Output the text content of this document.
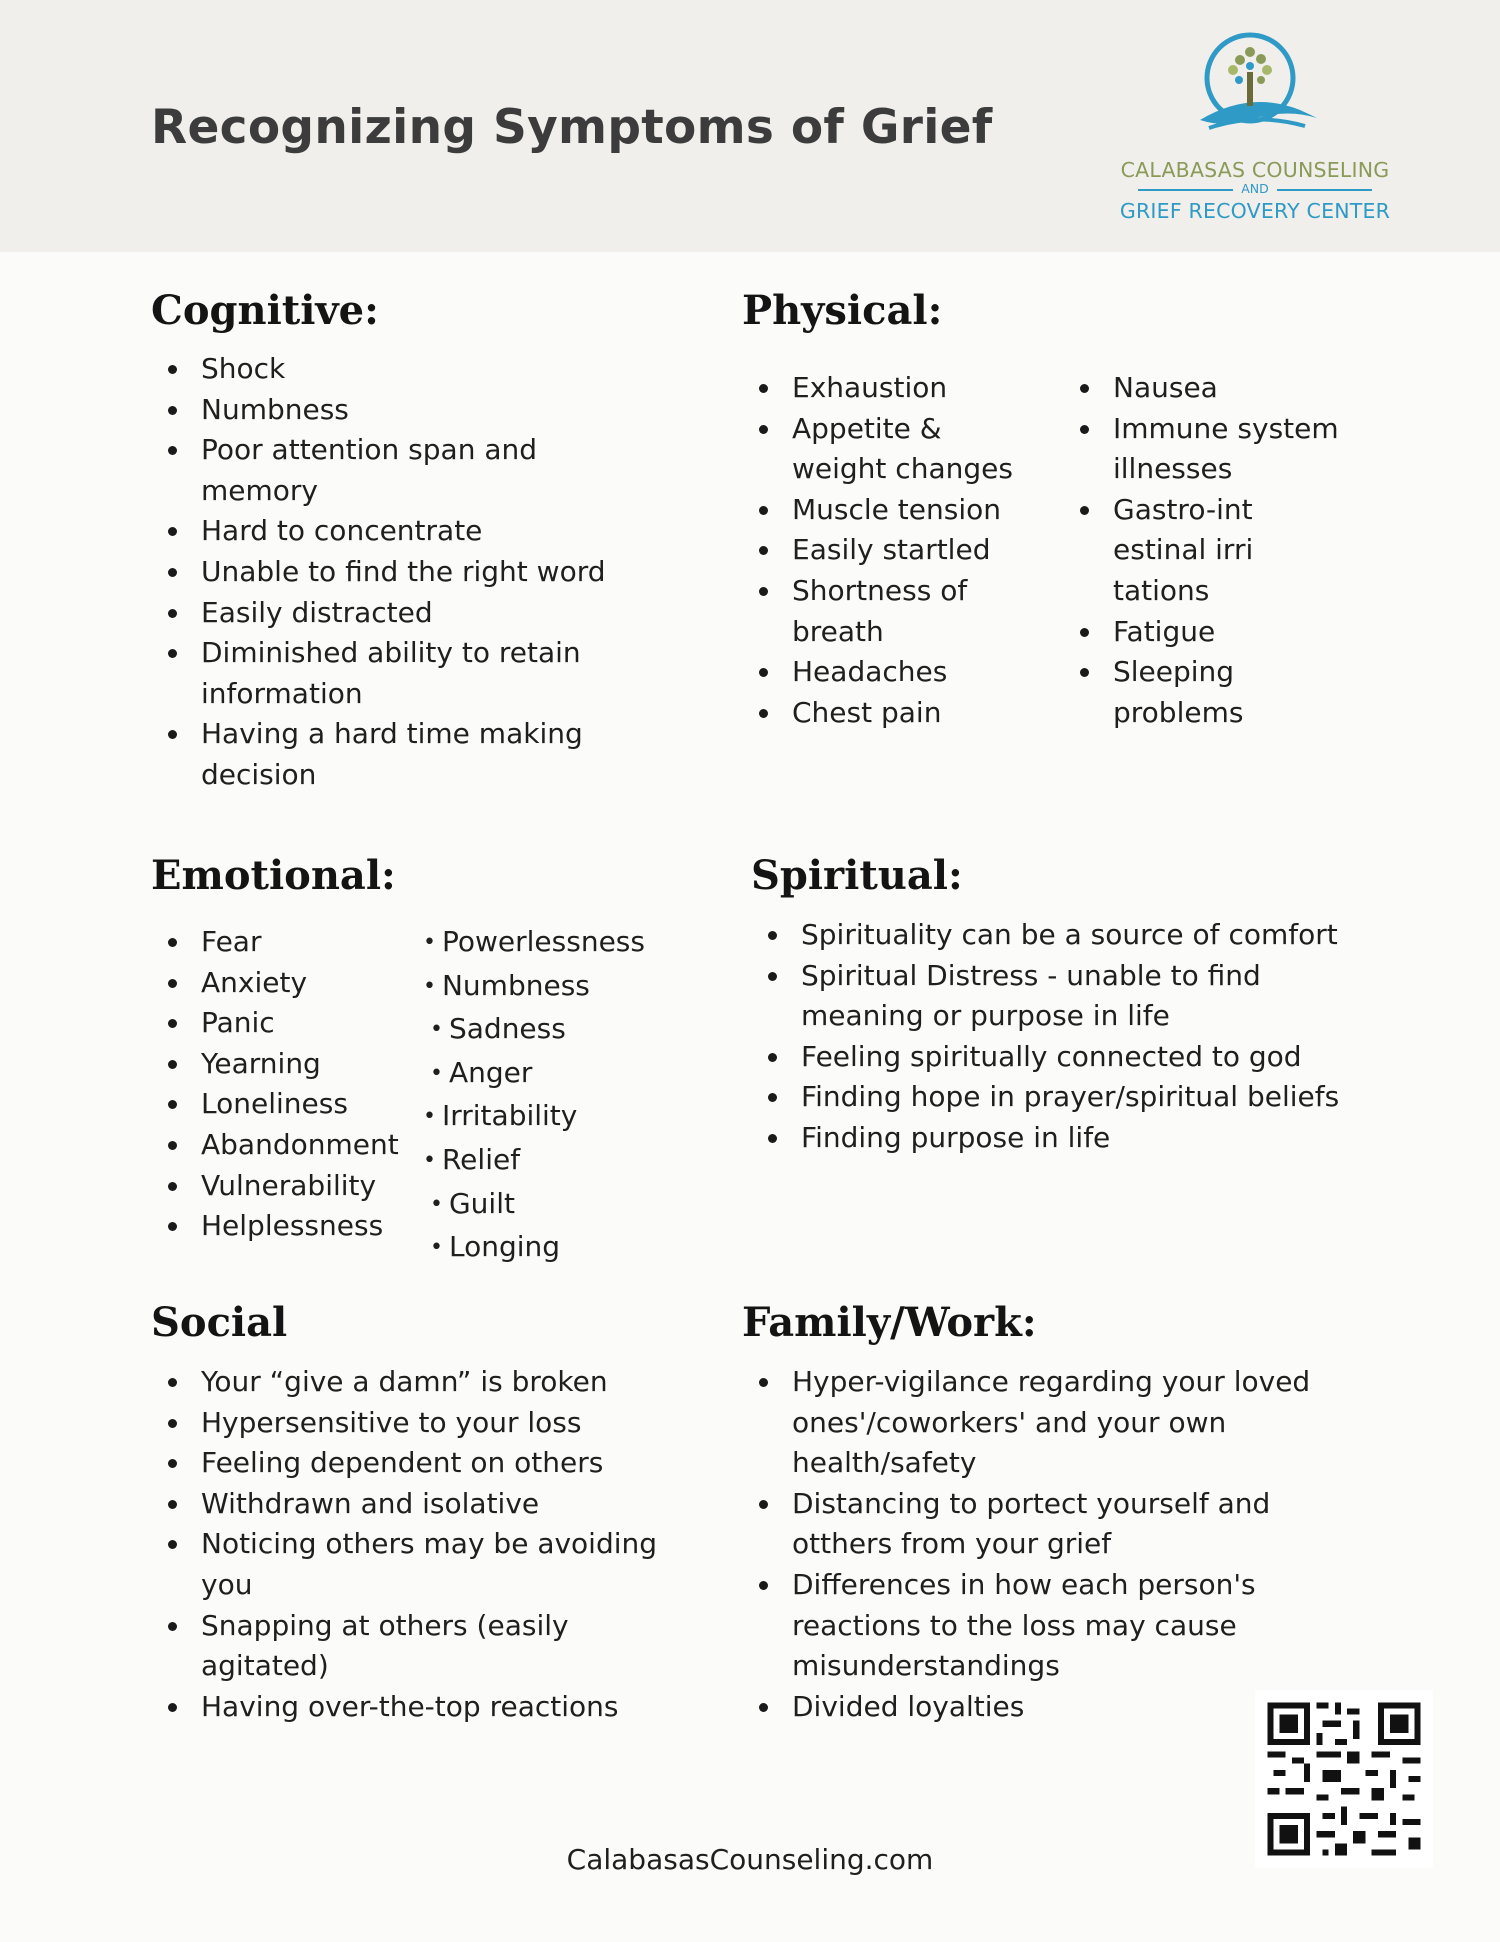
Recognizing Symptoms of Grief
CALABASAS COUNSELING
AND
GRIEF RECOVERY CENTER
Cognitive:
Shock
Numbness
Poor attention span and memory
Hard to concentrate
Unable to find the right word
Easily distracted
Diminished ability to retain information
Having a hard time making decision
Physical:
Exhaustion
Appetite & weight changes
Muscle tension
Easily startled
Shortness of breath
Headaches
Chest pain
Nausea
Immune system illnesses
Gastro-intestinal irritations
Fatigue
Sleeping problems
Emotional:
Fear
Anxiety
Panic
Yearning
Loneliness
Abandonment
Vulnerability
Helplessness
• Powerlessness
• Numbness
• Sadness
• Anger
• Irritability
• Relief
• Guilt
• Longing
Spiritual:
Spirituality can be a source of comfort
Spiritual Distress - unable to find meaning or purpose in life
Feeling spiritually connected to god
Finding hope in prayer/spiritual beliefs
Finding purpose in life
Social
Your “give a damn” is broken
Hypersensitive to your loss
Feeling dependent on others
Withdrawn and isolative
Noticing others may be avoiding you
Snapping at others (easily agitated)
Having over-the-top reactions
Family/Work:
Hyper-vigilance regarding your loved ones'/coworkers' and your own health/safety
Distancing to portect yourself and otthers from your grief
Differences in how each person's reactions to the loss may cause misunderstandings
Divided loyalties
CalabasasCounseling.com
